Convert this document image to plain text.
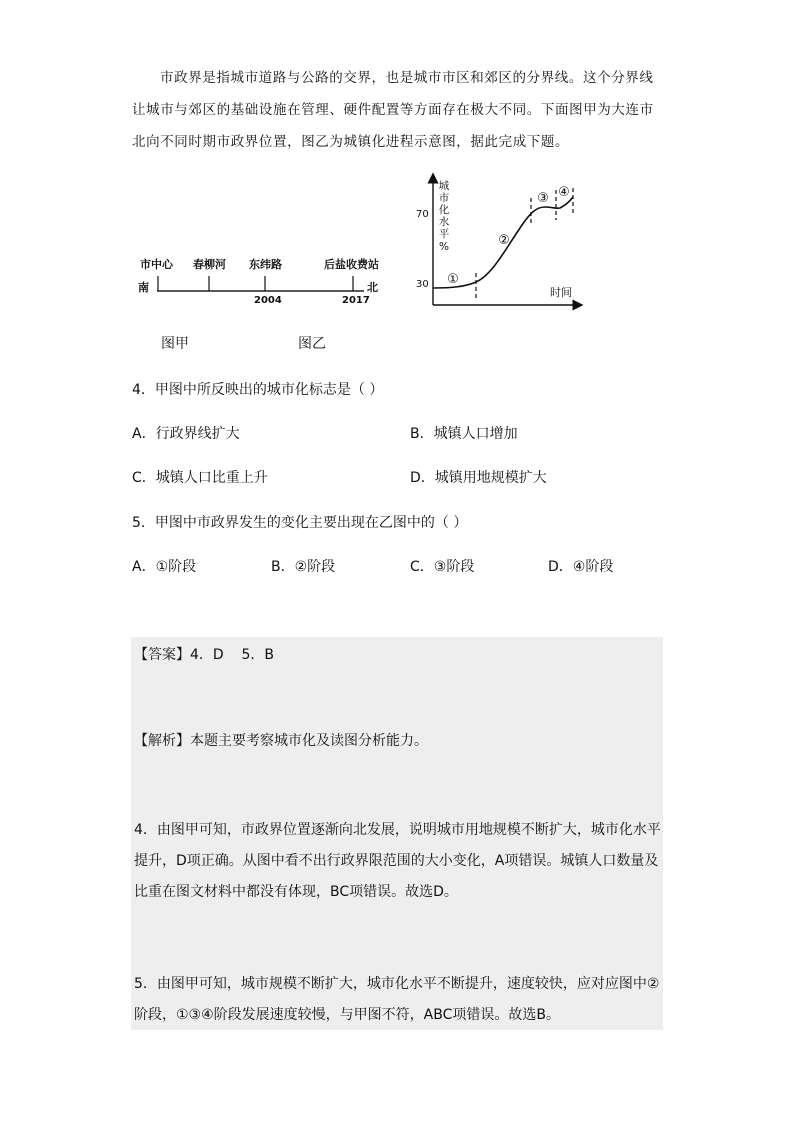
市政界是指城市道路与公路的交界，也是城市市区和郊区的分界线。这个分界线让城市与郊区的基础设施在管理、硬件配置等方面存在极大不同。下面图甲为大连市北向不同时期市政界位置，图乙为城镇化进程示意图，据此完成下题。

市中心 春柳河 东纬路	后盐收费站
南	北
2004	2017
城
市
化
水
平
%
70
30
时间
①
②
③ ④
图甲	图乙
4．甲图中所反映出的城市化标志是（ ）
A．行政界线扩大	B．城镇人口增加
C．城镇人口比重上升	D．城镇用地规模扩大
5．甲图中市政界发生的变化主要出现在乙图中的（ ）
A．①阶段	B．②阶段	C．③阶段	D．④阶段
【答案】4．D    5．B
【解析】本题主要考察城市化及读图分析能力。
4．由图甲可知，市政界位置逐渐向北发展，说明城市用地规模不断扩大，城市化水平提升，D项正确。从图中看不出行政界限范围的大小变化，A项错误。城镇人口数量及比重在图文材料中都没有体现，BC项错误。故选D。
5．由图甲可知，城市规模不断扩大，城市化水平不断提升，速度较快，应对应图中②阶段，①③④阶段发展速度较慢，与甲图不符，ABC项错误。故选B。
